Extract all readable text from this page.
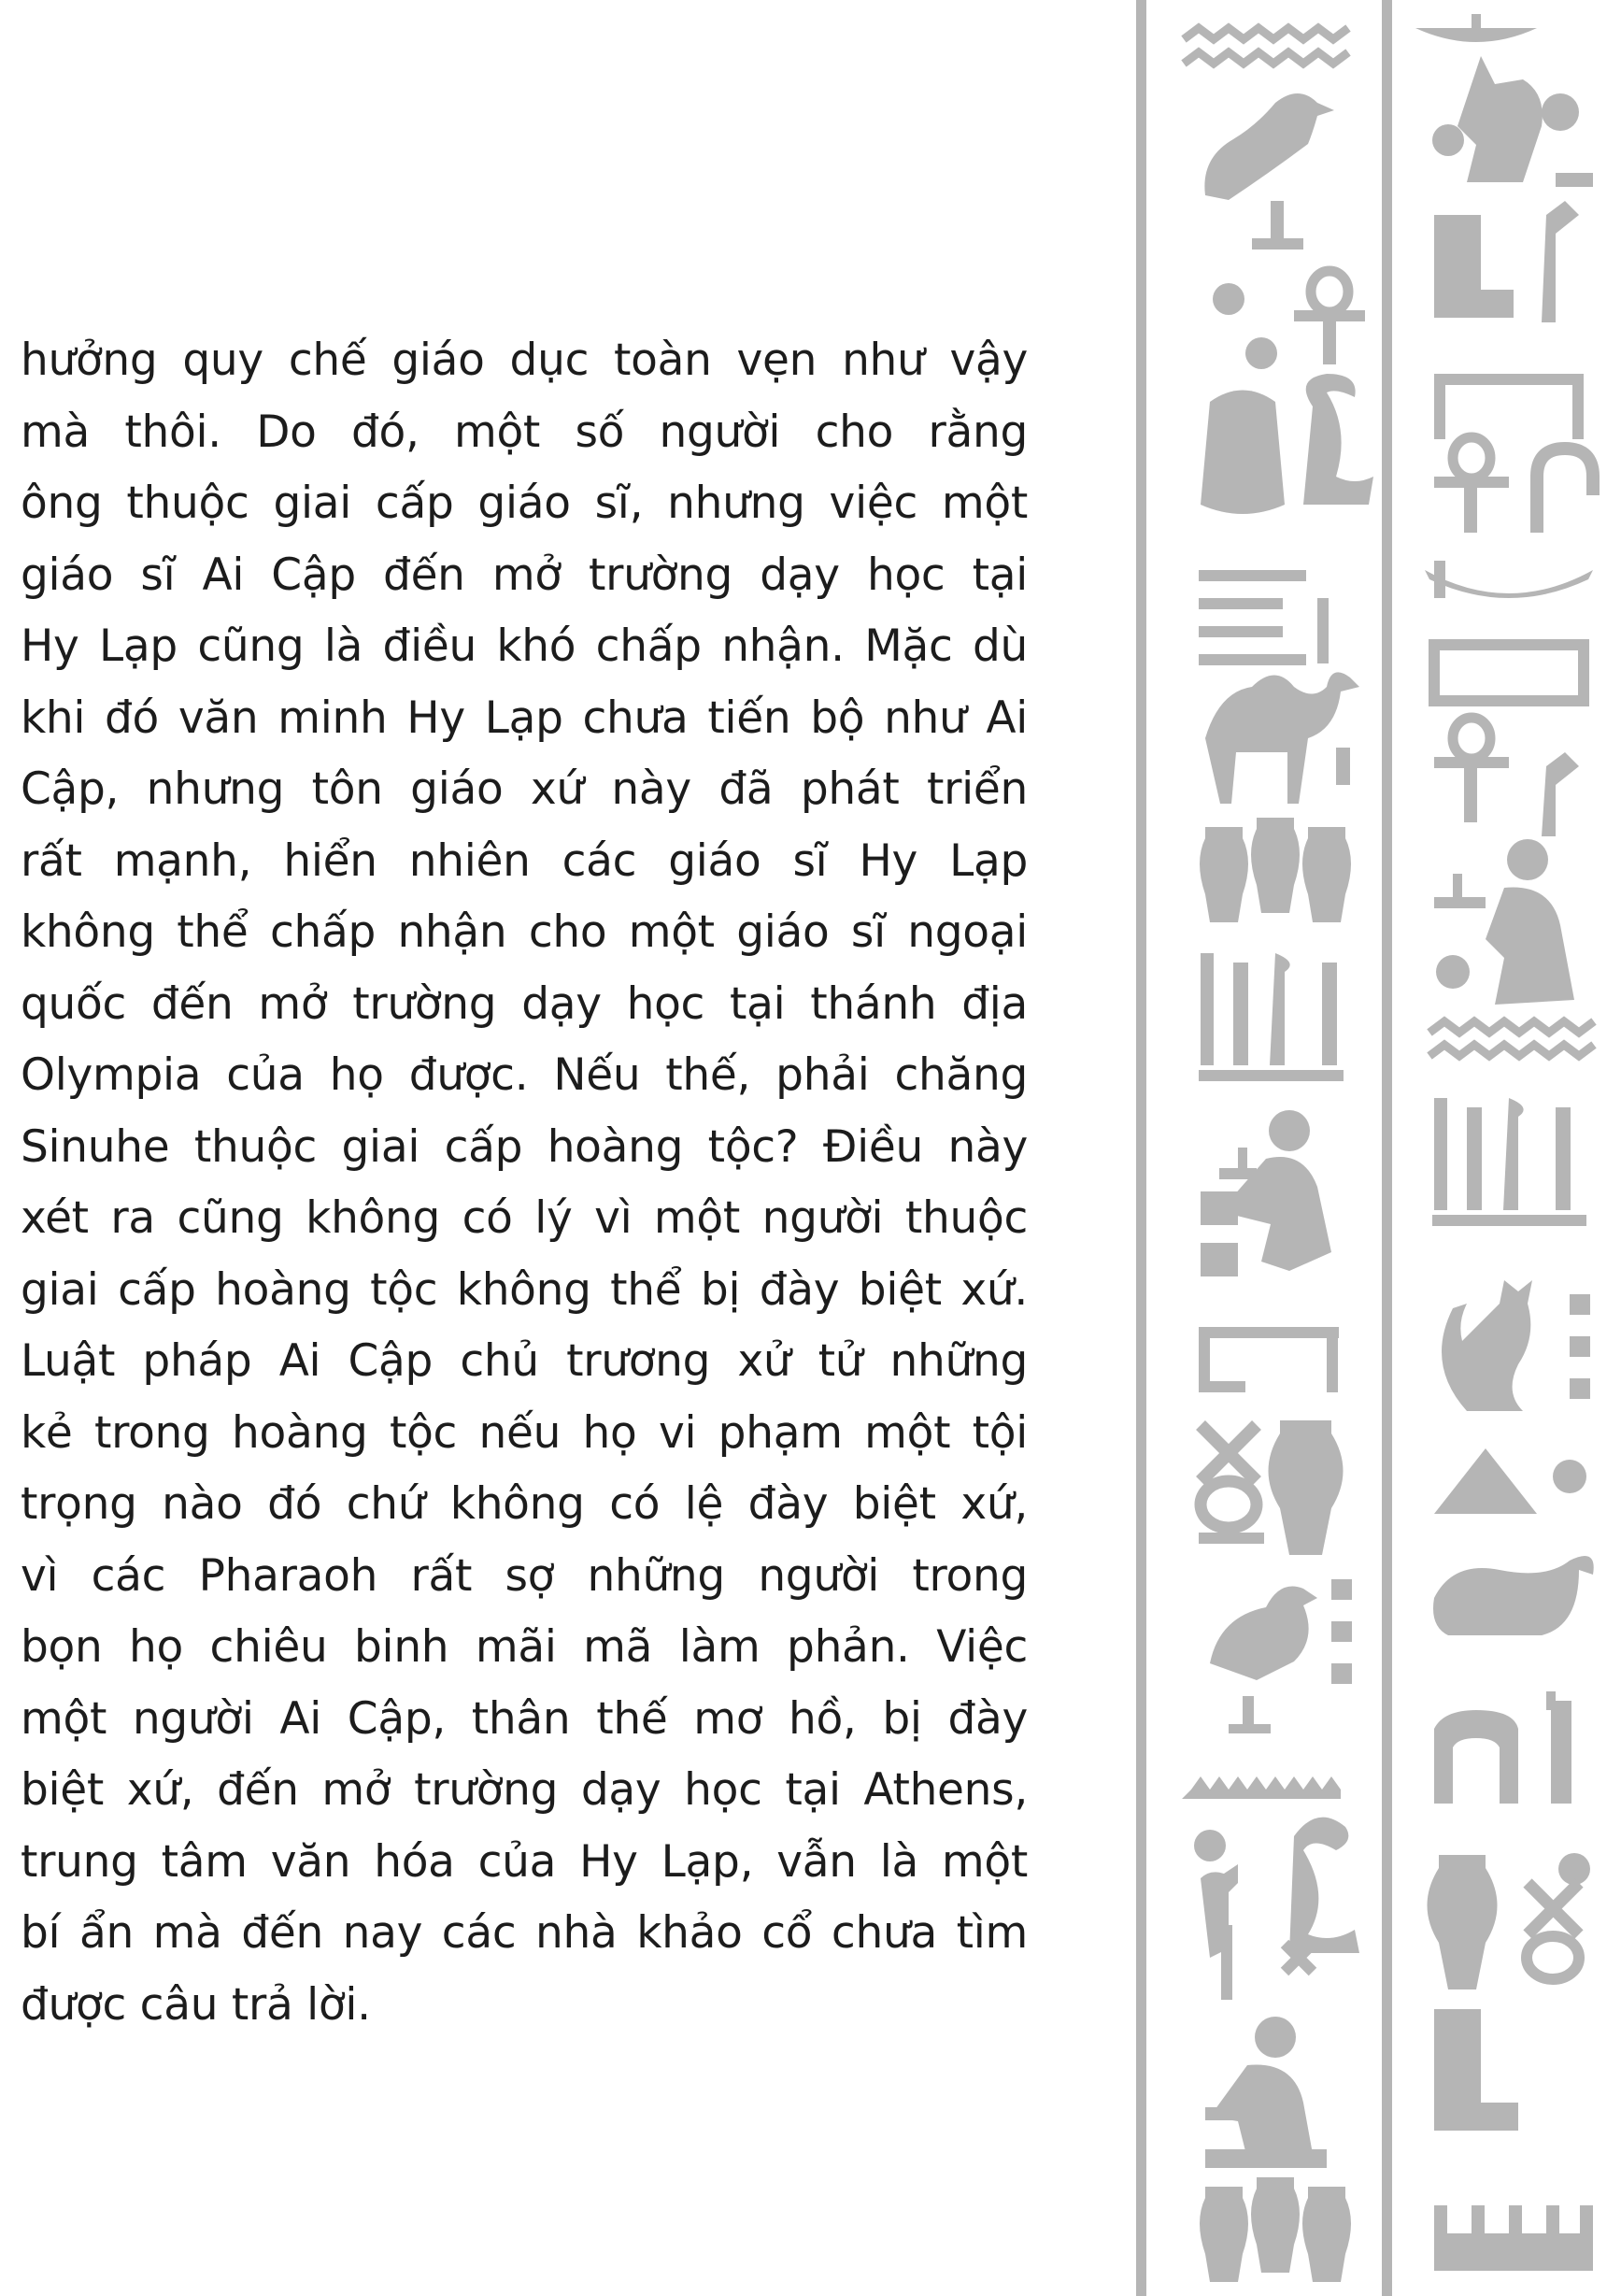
hưởng quy chế giáo dục toàn vẹn như vậy
mà thôi. Do đó, một số người cho rằng
ông thuộc giai cấp giáo sĩ, nhưng việc một
giáo sĩ Ai Cập đến mở trường dạy học tại
Hy Lạp cũng là điều khó chấp nhận. Mặc dù
khi đó văn minh Hy Lạp chưa tiến bộ như Ai
Cập, nhưng tôn giáo xứ này đã phát triển
rất mạnh, hiển nhiên các giáo sĩ Hy Lạp
không thể chấp nhận cho một giáo sĩ ngoại
quốc đến mở trường dạy học tại thánh địa
Olympia của họ được. Nếu thế, phải chăng
Sinuhe thuộc giai cấp hoàng tộc? Điều này
xét ra cũng không có lý vì một người thuộc
giai cấp hoàng tộc không thể bị đày biệt xứ.
Luật pháp Ai Cập chủ trương xử tử những
kẻ trong hoàng tộc nếu họ vi phạm một tội
trọng nào đó chứ không có lệ đày biệt xứ,
vì các Pharaoh rất sợ những người trong
bọn họ chiêu binh mãi mã làm phản. Việc
một người Ai Cập, thân thế mơ hồ, bị đày
biệt xứ, đến mở trường dạy học tại Athens,
trung tâm văn hóa của Hy Lạp, vẫn là một
bí ẩn mà đến nay các nhà khảo cổ chưa tìm
được câu trả lời.
